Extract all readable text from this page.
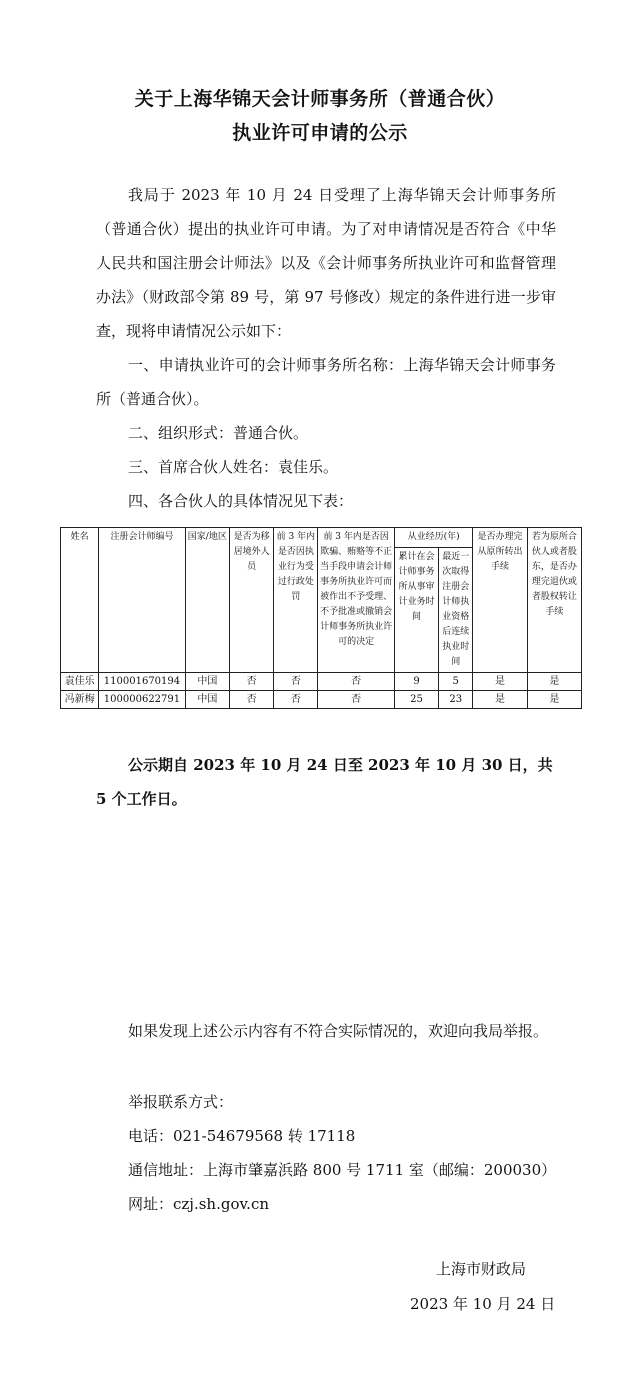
关于上海华锦天会计师事务所（普通合伙）
执业许可申请的公示
我局于 2023 年 10 月 24 日受理了上海华锦天会计师事务所（普通合伙）提出的执业许可申请。为了对申请情况是否符合《中华人民共和国注册会计师法》以及《会计师事务所执业许可和监督管理办法》（财政部令第 89 号，第 97 号修改）规定的条件进行进一步审查，现将申请情况公示如下：
一、申请执业许可的会计师事务所名称：上海华锦天会计师事务所（普通合伙）。
二、组织形式：普通合伙。
三、首席合伙人姓名：袁佳乐。
四、各合伙人的具体情况见下表：
姓名	注册会计师编号	国家/地区	是否为移居境外人员	前 3 年内是否因执业行为受过行政处罚	前 3 年内是否因欺骗、贿赂等不正当手段申请会计师事务所执业许可而被作出不予受理、不予批准或撤销会计师事务所执业许可的决定	从业经历(年)		是否办理完从原所转出手续	若为原所合伙人或者股东，是否办理完退伙或者股权转让手续
						累计在会计师事务所从事审计业务时间	最近一次取得注册会计师执业资格后连续执业时间		
袁佳乐	110001670194	中国	否	否	否	9	5	是	是
冯新梅	100000622791	中国	否	否	否	25	23	是	是
公示期自 2023 年 10 月 24 日至 2023 年 10 月 30 日，共 5 个工作日。
如果发现上述公示内容有不符合实际情况的，欢迎向我局举报。
举报联系方式：
电话：021-54679568 转 17118
通信地址：上海市肇嘉浜路 800 号 1711 室（邮编：200030）
网址：czj.sh.gov.cn
上海市财政局
2023 年 10 月 24 日
